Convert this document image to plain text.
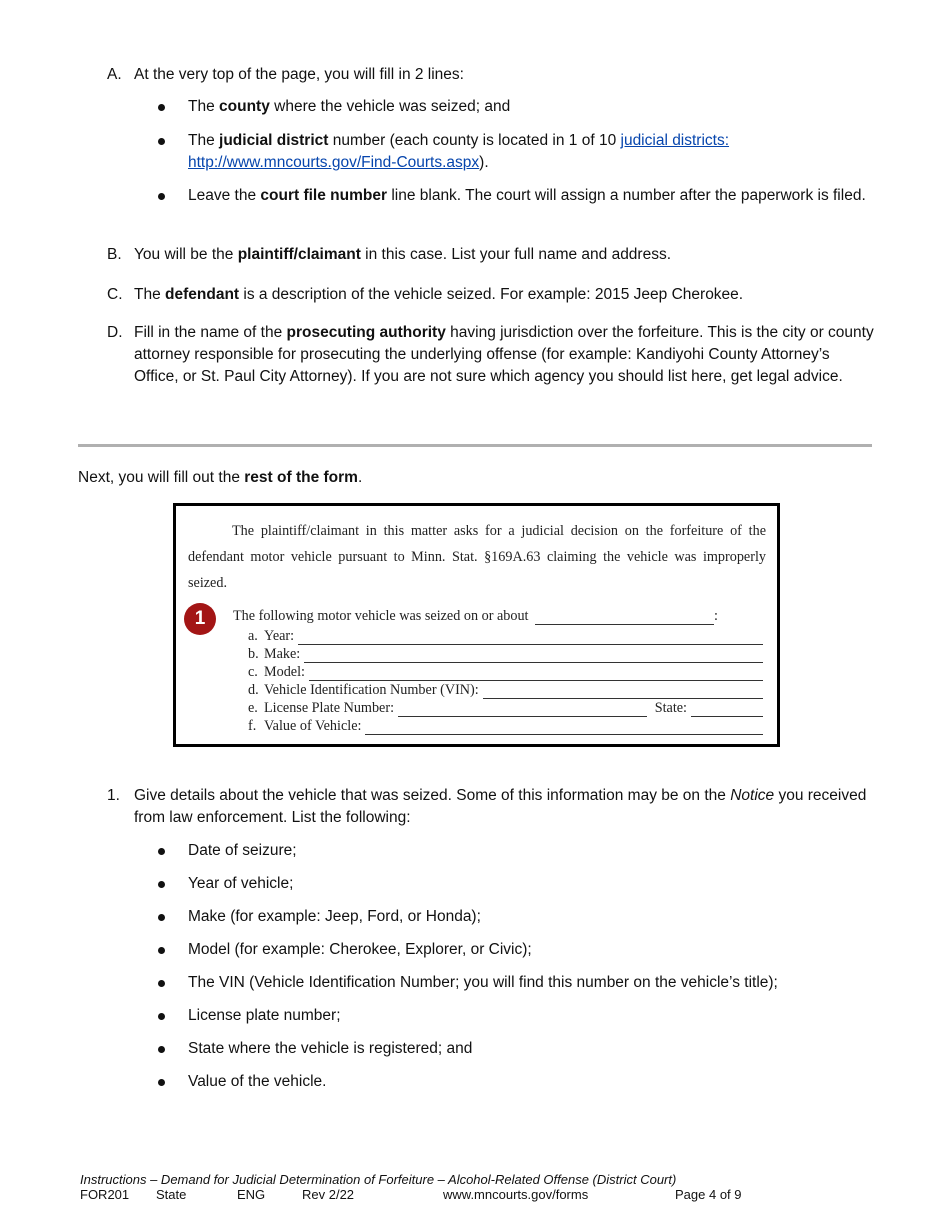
A. At the very top of the page, you will fill in 2 lines:
The county where the vehicle was seized; and
The judicial district number (each county is located in 1 of 10 judicial districts:
http://www.mncourts.gov/Find-Courts.aspx).
Leave the court file number line blank. The court will assign a number after the paperwork is filed.
B. You will be the plaintiff/claimant in this case. List your full name and address.
C. The defendant is a description of the vehicle seized. For example: 2015 Jeep Cherokee.
D. Fill in the name of the prosecuting authority having jurisdiction over the forfeiture. This is the city or county attorney responsible for prosecuting the underlying offense (for example: Kandiyohi County Attorney’s Office, or St. Paul City Attorney). If you are not sure which agency you should list here, get legal advice.
Next, you will fill out the rest of the form.
The plaintiff/claimant in this matter asks for a judicial decision on the forfeiture of the defendant motor vehicle pursuant to Minn. Stat. §169A.63 claiming the vehicle was improperly seized.
1	The following motor vehicle was seized on or about	:
a. Year:
b. Make:
c. Model:
d. Vehicle Identification Number (VIN):
e. License Plate Number:	State:
f. Value of Vehicle:
1. Give details about the vehicle that was seized. Some of this information may be on the Notice you received from law enforcement. List the following:
Date of seizure;
Year of vehicle;
Make (for example: Jeep, Ford, or Honda);
Model (for example: Cherokee, Explorer, or Civic);
The VIN (Vehicle Identification Number; you will find this number on the vehicle’s title);
License plate number;
State where the vehicle is registered; and
Value of the vehicle.
Instructions – Demand for Judicial Determination of Forfeiture – Alcohol-Related Offense (District Court)
FOR201 State	ENG	Rev 2/22	www.mncourts.gov/forms	Page 4 of 9
